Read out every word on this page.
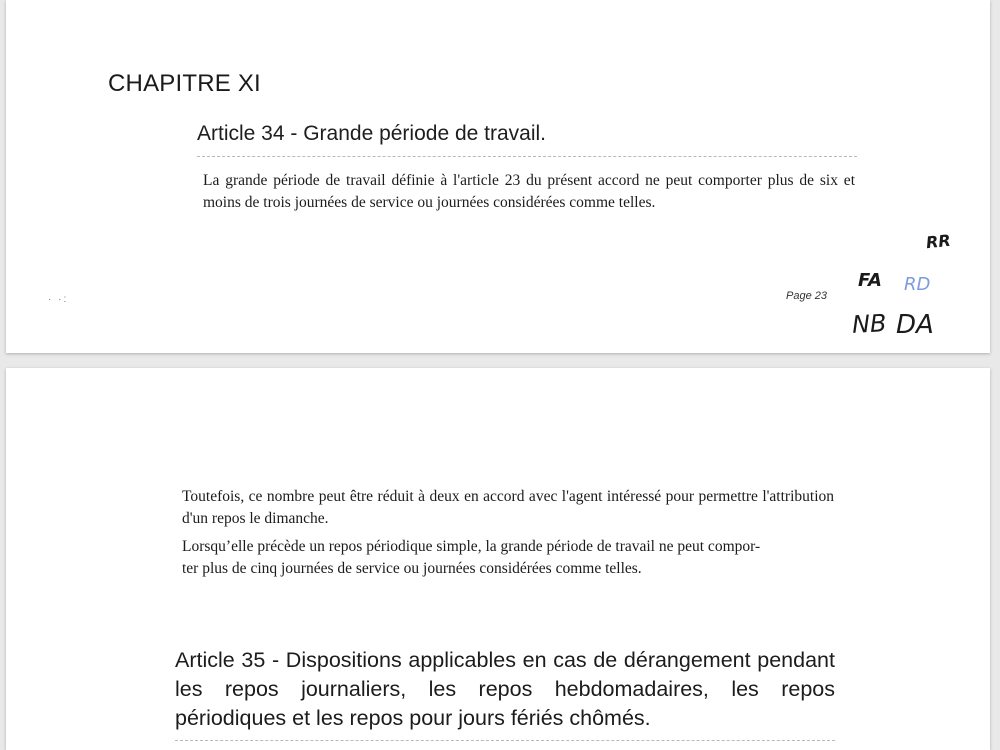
CHAPITRE XI
Article 34 - Grande période de travail.
La grande période de travail définie à l'article 23 du présent accord ne peut comporter plus de six et moins de trois journées de service ou journées considérées comme telles.
· ·:	Page 23
RR
FA RD
NB DA
Toutefois, ce nombre peut être réduit à deux en accord avec l'agent intéressé pour permettre l'attribution d'un repos le dimanche.
Lorsqu’elle précède un repos périodique simple, la grande période de travail ne peut compor-
ter plus de cinq journées de service ou journées considérées comme telles.
Article 35 - Dispositions applicables en cas de dérangement pendant les repos journaliers, les repos hebdomadaires, les repos périodiques et les repos pour jours fériés chômés.
